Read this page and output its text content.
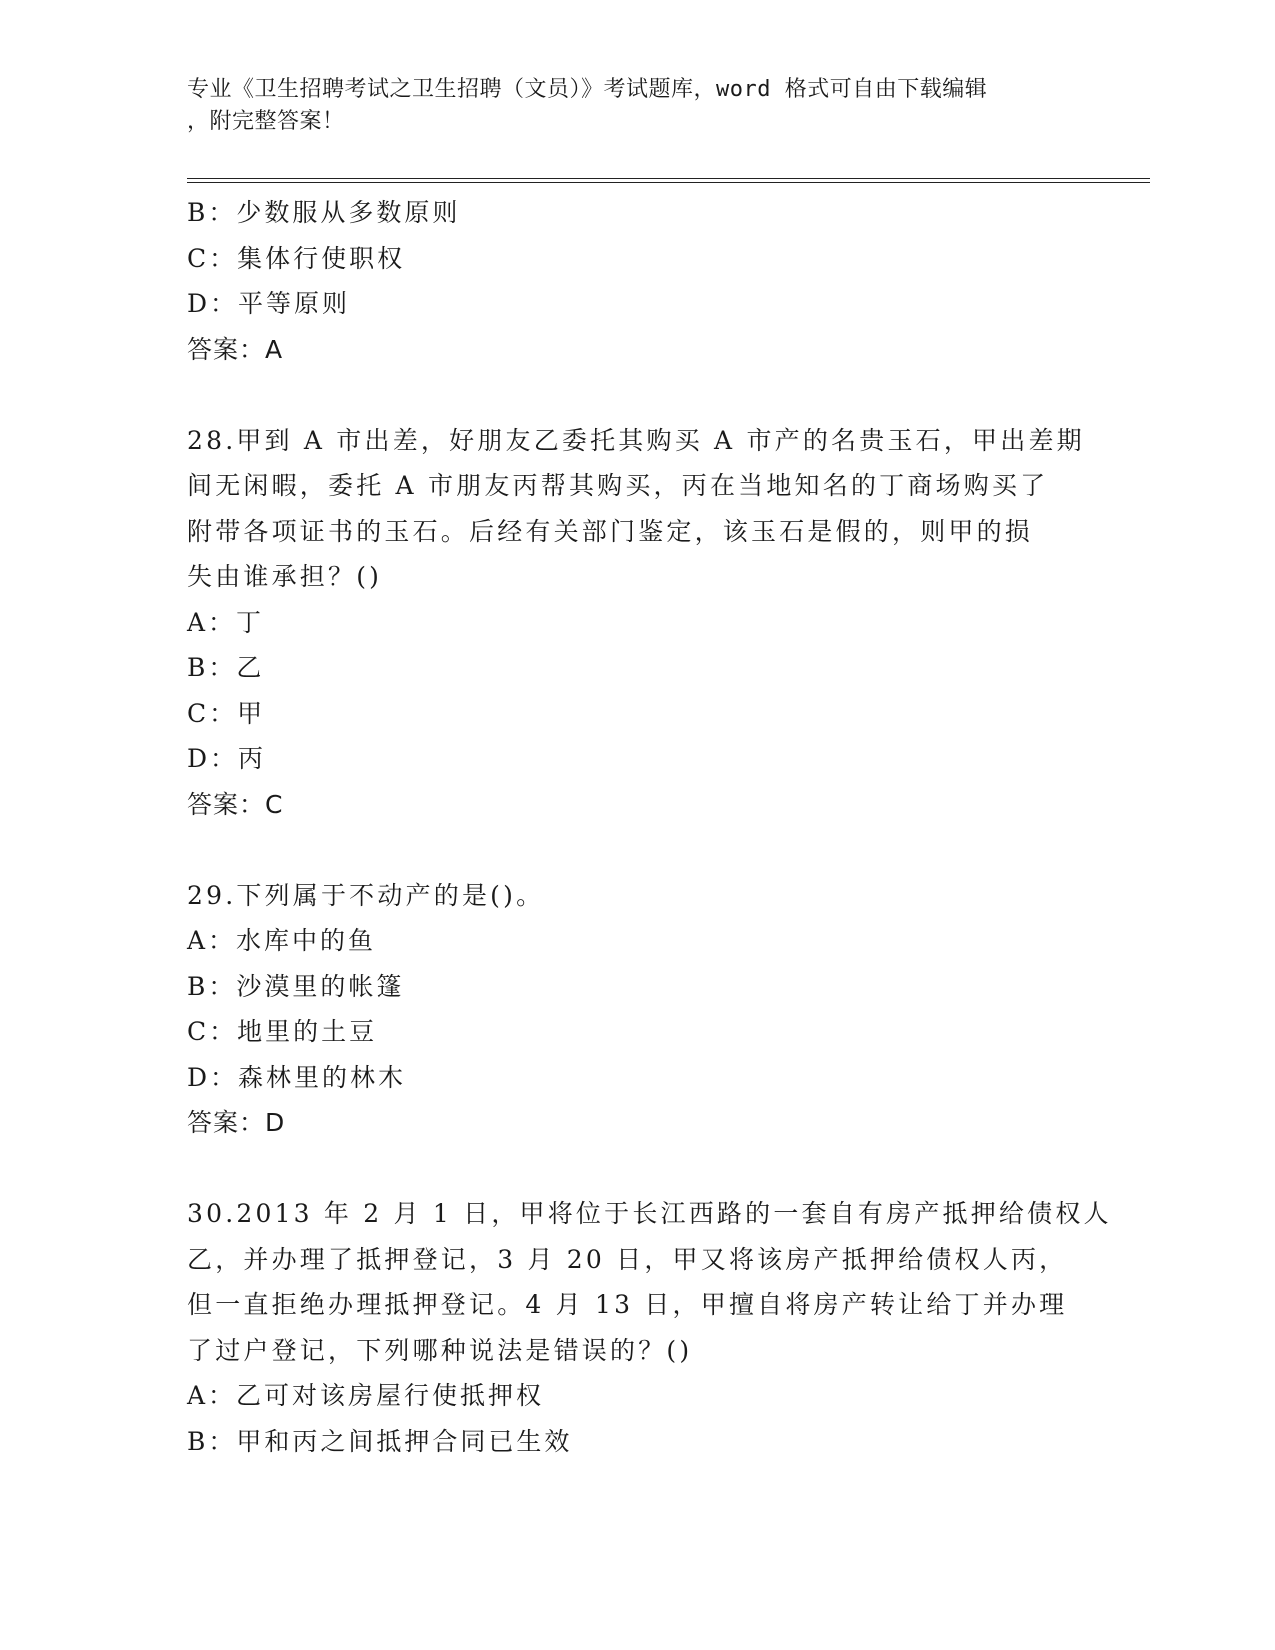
专业《卫生招聘考试之卫生招聘（文员）》考试题库，word 格式可自由下载编辑
，附完整答案！
B：少数服从多数原则
C：集体行使职权
D：平等原则
答案：A
28.甲到 A 市出差，好朋友乙委托其购买 A 市产的名贵玉石，甲出差期
间无闲暇，委托 A 市朋友丙帮其购买，丙在当地知名的丁商场购买了
附带各项证书的玉石。后经有关部门鉴定，该玉石是假的，则甲的损
失由谁承担？()
A：丁
B：乙
C：甲
D：丙
答案：C
29.下列属于不动产的是()。
A：水库中的鱼
B：沙漠里的帐篷
C：地里的土豆
D：森林里的林木
答案：D
30.2013 年 2 月 1 日，甲将位于长江西路的一套自有房产抵押给债权人
乙，并办理了抵押登记，3 月 20 日，甲又将该房产抵押给债权人丙，
但一直拒绝办理抵押登记。4 月 13 日，甲擅自将房产转让给丁并办理
了过户登记，下列哪种说法是错误的？()
A：乙可对该房屋行使抵押权
B：甲和丙之间抵押合同已生效
